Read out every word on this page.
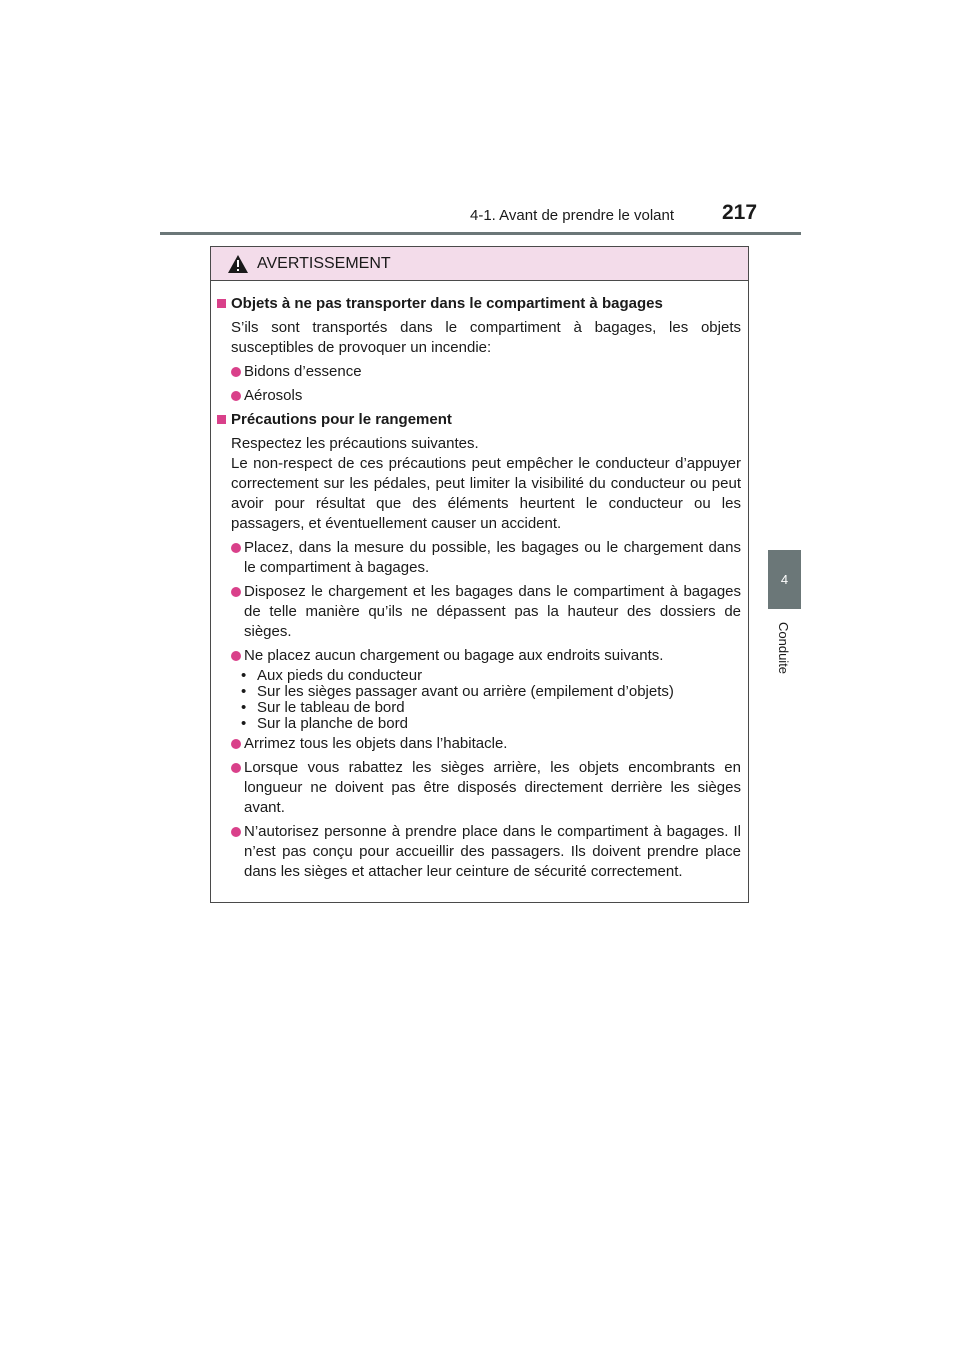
4-1. Avant de prendre le volant 217
4
Conduite
AVERTISSEMENT
Objets à ne pas transporter dans le compartiment à bagages
S’ils sont transportés dans le compartiment à bagages, les objets susceptibles de provoquer un incendie:
Bidons d’essence
Aérosols
Précautions pour le rangement
Respectez les précautions suivantes.
Le non-respect de ces précautions peut empêcher le conducteur d’appuyer correctement sur les pédales, peut limiter la visibilité du conducteur ou peut avoir pour résultat que des éléments heurtent le conducteur ou les passagers, et éventuellement causer un accident.
Placez, dans la mesure du possible, les bagages ou le chargement dans le compartiment à bagages.
Disposez le chargement et les bagages dans le compartiment à bagages de telle manière qu’ils ne dépassent pas la hauteur des dossiers de sièges.
Ne placez aucun chargement ou bagage aux endroits suivants.
• Aux pieds du conducteur
• Sur les sièges passager avant ou arrière (empilement d’objets)
• Sur le tableau de bord
• Sur la planche de bord
Arrimez tous les objets dans l’habitacle.
Lorsque vous rabattez les sièges arrière, les objets encombrants en longueur ne doivent pas être disposés directement derrière les sièges avant.
N’autorisez personne à prendre place dans le compartiment à bagages. Il n’est pas conçu pour accueillir des passagers. Ils doivent prendre place dans les sièges et attacher leur ceinture de sécurité correctement.
